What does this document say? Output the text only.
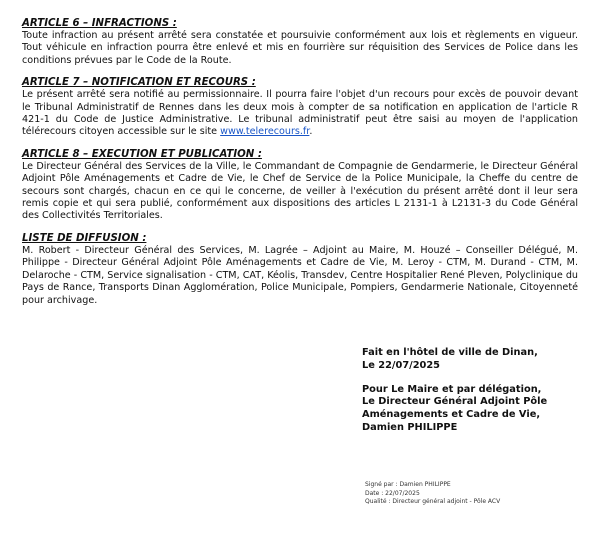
ARTICLE 6 – INFRACTIONS :

Toute infraction au présent arrêté sera constatée et poursuivie conformément aux lois et règlements en vigueur. Tout véhicule en infraction pourra être enlevé et mis en fourrière sur réquisition des Services de Police dans les conditions prévues par le Code de la Route.

ARTICLE 7 – NOTIFICATION ET RECOURS :

Le présent arrêté sera notifié au permissionnaire. Il pourra faire l'objet d'un recours pour excès de pouvoir devant le Tribunal Administratif de Rennes dans les deux mois à compter de sa notification en application de l'article R 421-1 du Code de Justice Administrative. Le tribunal administratif peut être saisi au moyen de l'application télérecours citoyen accessible sur le site www.telerecours.fr.

ARTICLE 8 – EXECUTION ET PUBLICATION :

Le Directeur Général des Services de la Ville, le Commandant de Compagnie de Gendarmerie, le Directeur Général Adjoint Pôle Aménagements et Cadre de Vie, le Chef de Service de la Police Municipale, la Cheffe du centre de secours sont chargés, chacun en ce qui le concerne, de veiller à l'exécution du présent arrêté dont il leur sera remis copie et qui sera publié, conformément aux dispositions des articles L 2131-1 à L2131-3 du Code Général des Collectivités Territoriales.

LISTE DE DIFFUSION :

M. Robert - Directeur Général des Services, M. Lagrée – Adjoint au Maire, M. Houzé – Conseiller Délégué, M. Philippe - Directeur Général Adjoint Pôle Aménagements et Cadre de Vie, M. Leroy - CTM, M. Durand - CTM, M. Delaroche - CTM, Service signalisation - CTM, CAT, Kéolis, Transdev, Centre Hospitalier René Pleven, Polyclinique du Pays de Rance, Transports Dinan Agglomération, Police Municipale, Pompiers, Gendarmerie Nationale, Citoyenneté pour archivage.

Fait en l'hôtel de ville de Dinan,
Le 22/07/2025
Pour Le Maire et par délégation,
Le Directeur Général Adjoint Pôle
Aménagements et Cadre de Vie,
Damien PHILIPPE
Signé par : Damien PHILIPPE
Date : 22/07/2025
Qualité : Directeur général adjoint - Pôle ACV
